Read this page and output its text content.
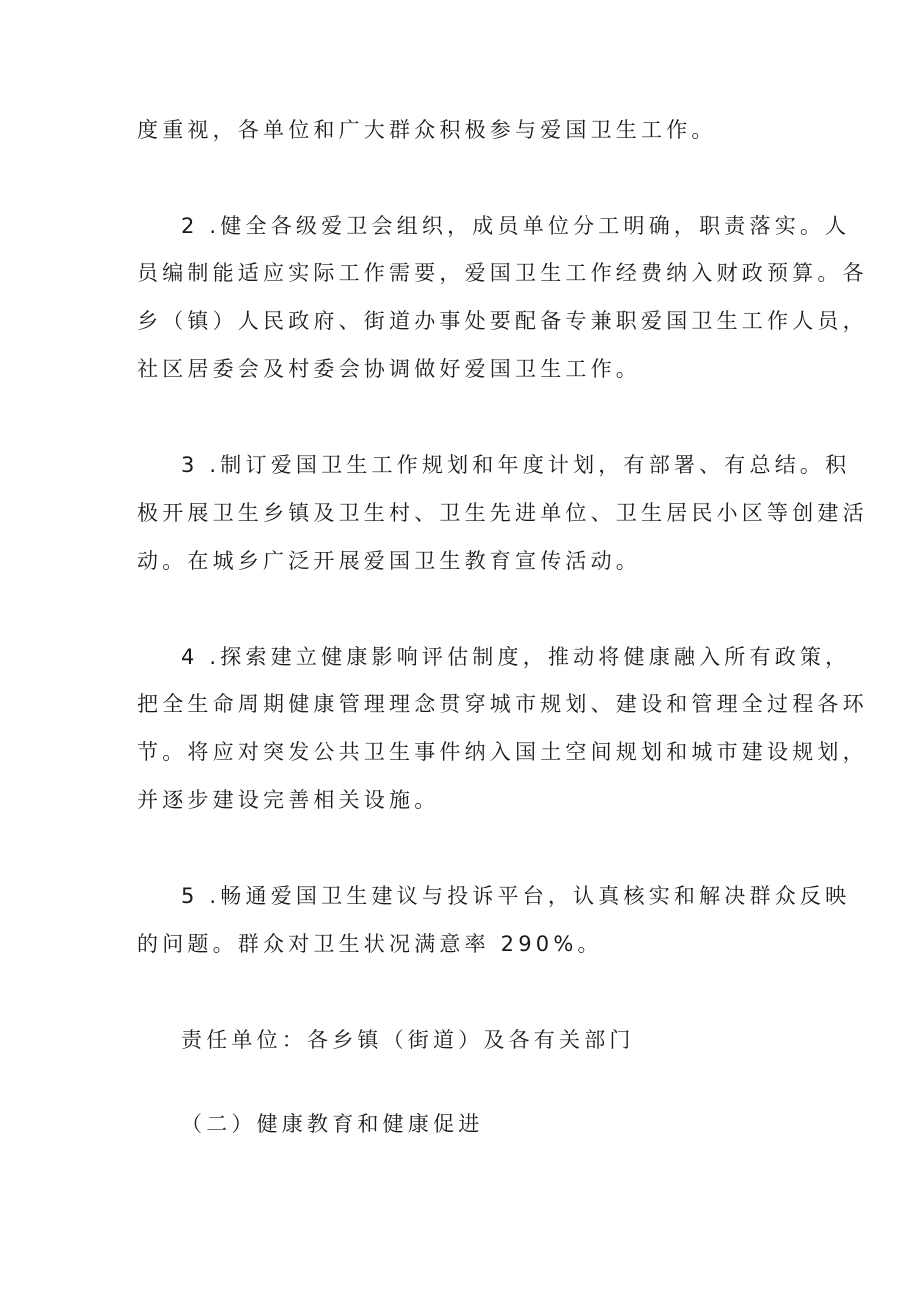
度重视，各单位和广大群众积极参与爱国卫生工作。

2 .健全各级爱卫会组织，成员单位分工明确，职责落实。人

员编制能适应实际工作需要，爱国卫生工作经费纳入财政预算。各

乡（镇）人民政府、街道办事处要配备专兼职爱国卫生工作人员，

社区居委会及村委会协调做好爱国卫生工作。

3 .制订爱国卫生工作规划和年度计划，有部署、有总结。积

极开展卫生乡镇及卫生村、卫生先进单位、卫生居民小区等创建活

动。在城乡广泛开展爱国卫生教育宣传活动。

4 .探索建立健康影响评估制度，推动将健康融入所有政策，

把全生命周期健康管理理念贯穿城市规划、建设和管理全过程各环

节。将应对突发公共卫生事件纳入国土空间规划和城市建设规划，

并逐步建设完善相关设施。

5 .畅通爱国卫生建议与投诉平台，认真核实和解决群众反映

的问题。群众对卫生状况满意率 290%。

责任单位：各乡镇（街道）及各有关部门

（二）健康教育和健康促进
